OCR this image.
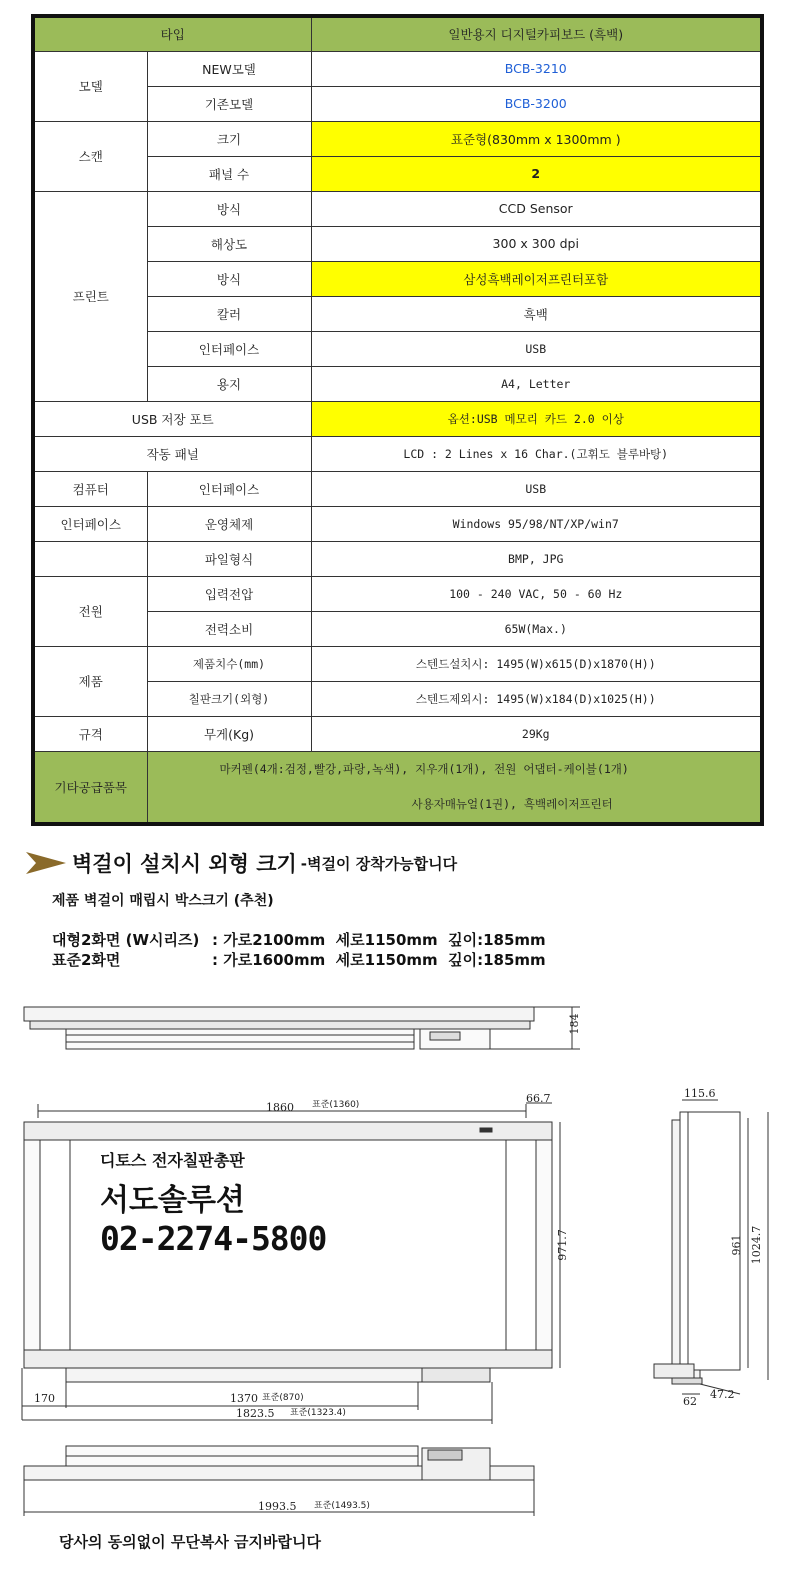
타입		일반용지 디지털카피보드 (흑백)
모델	NEW모델	BCB-3210
	기존모델	BCB-3200
스캔	크기	표준형(830mm x 1300mm )
	패널 수	2
프린트	방식	CCD Sensor
	해상도	300 x 300 dpi
	방식	삼성흑백레이저프린터포함
	칼러	흑백
	인터페이스	USB
	용지	A4, Letter
USB 저장 포트		옵션:USB 메모리 카드 2.0 이상
작동 패널		LCD : 2 Lines x 16 Char.(고휘도 블루바탕)
컴퓨터	인터페이스	USB
인터페이스	운영체제	Windows 95/98/NT/XP/win7
	파일형식	BMP, JPG
전원	입력전압	100 - 240 VAC, 50 - 60 Hz
	전력소비	65W(Max.)
제품	제품치수(mm)	스텐드설치시: 1495(W)x615(D)x1870(H))
	칠판크기(외형)	스텐드제외시: 1495(W)x184(D)x1025(H))
규격	무게(Kg)	29Kg
기타공급품목	마커펜(4개:검정,빨강,파랑,녹색), 지우개(1개), 전원 어댑터-케이블(1개)
사용자매뉴얼(1권), 흑백레이저프린터	
벽걸이 설치시 외형 크기 -벽걸이 장착가능합니다
제품 벽걸이 매립시 박스크기 (추천)
대형2화면 (W시리즈) : 가로2100mm  세로1150mm  깊이:185mm
표준2화면	: 가로1600mm  세로1150mm  깊이:185mm
184
1860 표준(1360)	66.7
971.7
170	1370 표준(870)
1823.5 표준(1323.4)
115.6
961 1024.7
47.2
62
1993.5 표준(1493.5)
디토스 전자칠판총판
서도솔루션
02-2274-5800
당사의 동의없이 무단복사 금지바랍니다
